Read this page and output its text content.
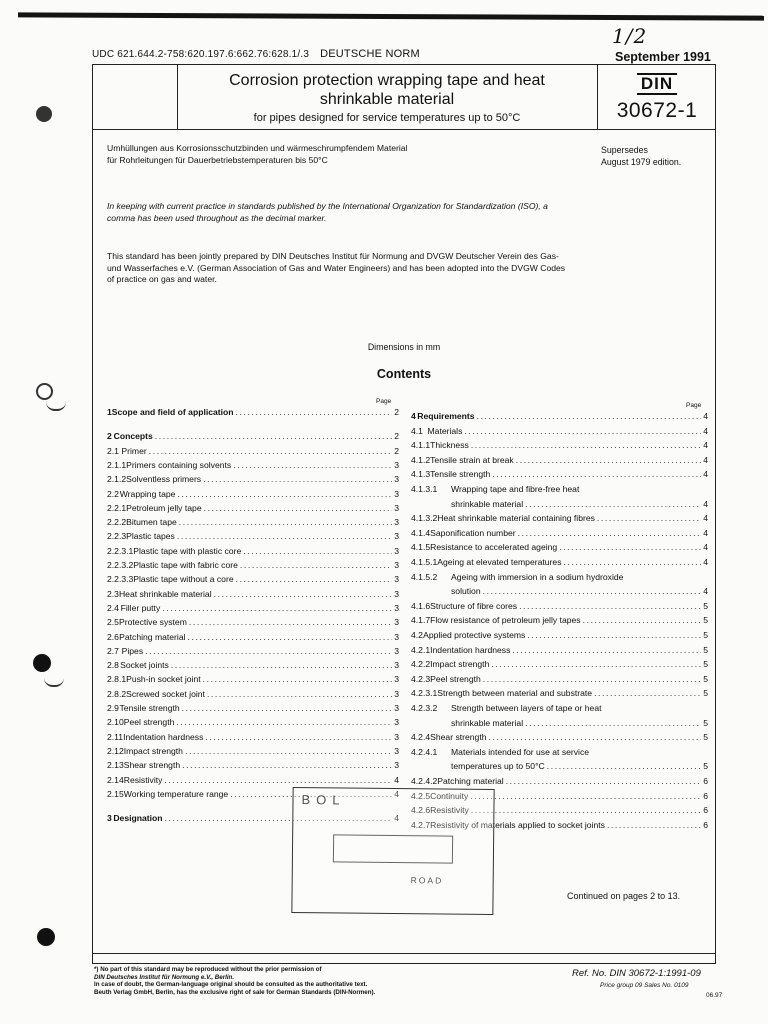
1/2
UDC 621.644.2-758:620.197.6:662.76:628.1/.3 DEUTSCHE NORM	September 1991
Corrosion protection wrapping tape and heat
shrinkable material
for pipes designed for service temperatures up to 50°C
DIN
30672-1
Umhüllungen aus Korrosionsschutzbinden und wärmeschrumpfendem Material
für Rohrleitungen für Dauerbetriebstemperaturen bis 50°C
Supersedes
August 1979 edition.
In keeping with current practice in standards published by the International Organization for Standardization (ISO), a
comma has been used throughout as the decimal marker.
This standard has been jointly prepared by DIN Deutsches Institut für Normung and DVGW Deutscher Verein des Gas-
und Wasserfaches e.V. (German Association of Gas and Water Engineers) and has been adopted into the DVGW Codes
of practice on gas and water.
Dimensions in mm
Contents
Page
Page
1 Scope and field of application .....	2
2 Concepts .....	2
2.1 Primer .....	2
2.1.1 Primers containing solvents .....	3
2.1.2 Solventless primers .....	3
2.2 Wrapping tape .....	3
2.2.1 Petroleum jelly tape .....	3
2.2.2 Bitumen tape .....	3
2.2.3 Plastic tapes .....	3
2.2.3.1 Plastic tape with plastic core .....	3
2.2.3.2 Plastic tape with fabric core .....	3
2.2.3.3 Plastic tape without a core .....	3
2.3 Heat shrinkable material .....	3
2.4 Filler putty .....	3
2.5 Protective system .....	3
2.6 Patching material .....	3
2.7 Pipes .....	3
2.8 Socket joints .....	3
2.8.1 Push-in socket joint .....	3
2.8.2 Screwed socket joint .....	3
2.9 Tensile strength .....	3
2.10 Peel strength .....	3
2.11 Indentation hardness .....	3
2.12 Impact strength .....	3
2.13 Shear strength .....	3
2.14 Resistivity .....	4
2.15 Working temperature range .....	4
3 Designation .....	4
4 Requirements .....	4
4.1 Materials .....	4
4.1.1 Thickness .....	4
4.1.2 Tensile strain at break .....	4
4.1.3 Tensile strength .....	4
4.1.3.1 Wrapping tape and fibre-free heat
shrinkable material .....	4
4.1.3.2 Heat shrinkable material containing fibres .....	4
4.1.4 Saponification number .....	4
4.1.5 Resistance to accelerated ageing .....	4
4.1.5.1 Ageing at elevated temperatures .....	4
4.1.5.2 Ageing with immersion in a sodium hydroxide
solution .....	4
4.1.6 Structure of fibre cores .....	5
4.1.7 Flow resistance of petroleum jelly tapes .....	5
4.2 Applied protective systems .....	5
4.2.1 Indentation hardness .....	5
4.2.2 Impact strength .....	5
4.2.3 Peel strength .....	5
4.2.3.1 Strength between material and substrate .....	5
4.2.3.2 Strength between layers of tape or heat
shrinkable material .....	5
4.2.4 Shear strength .....	5
4.2.4.1 Materials intended for use at service
temperatures up to 50°C .....	5
4.2.4.2 Patching material .....	6
4.2.5 Continuity .....	6
4.2.6 Resistivity .....	6
4.2.7 Resistivity of materials applied to socket joints .....	6
Continued on pages 2 to 13.
BOL
ROAD
*) No part of this standard may be reproduced without the prior permission of
DIN Deutsches Institut für Normung e.V., Berlin.
In case of doubt, the German-language original should be consulted as the authoritative text.
Beuth Verlag GmbH, Berlin, has the exclusive right of sale for German Standards (DIN-Normen).
Ref. No. DIN 30672-1:1991-09
Price group 09 Sales No. 0109
06.97
